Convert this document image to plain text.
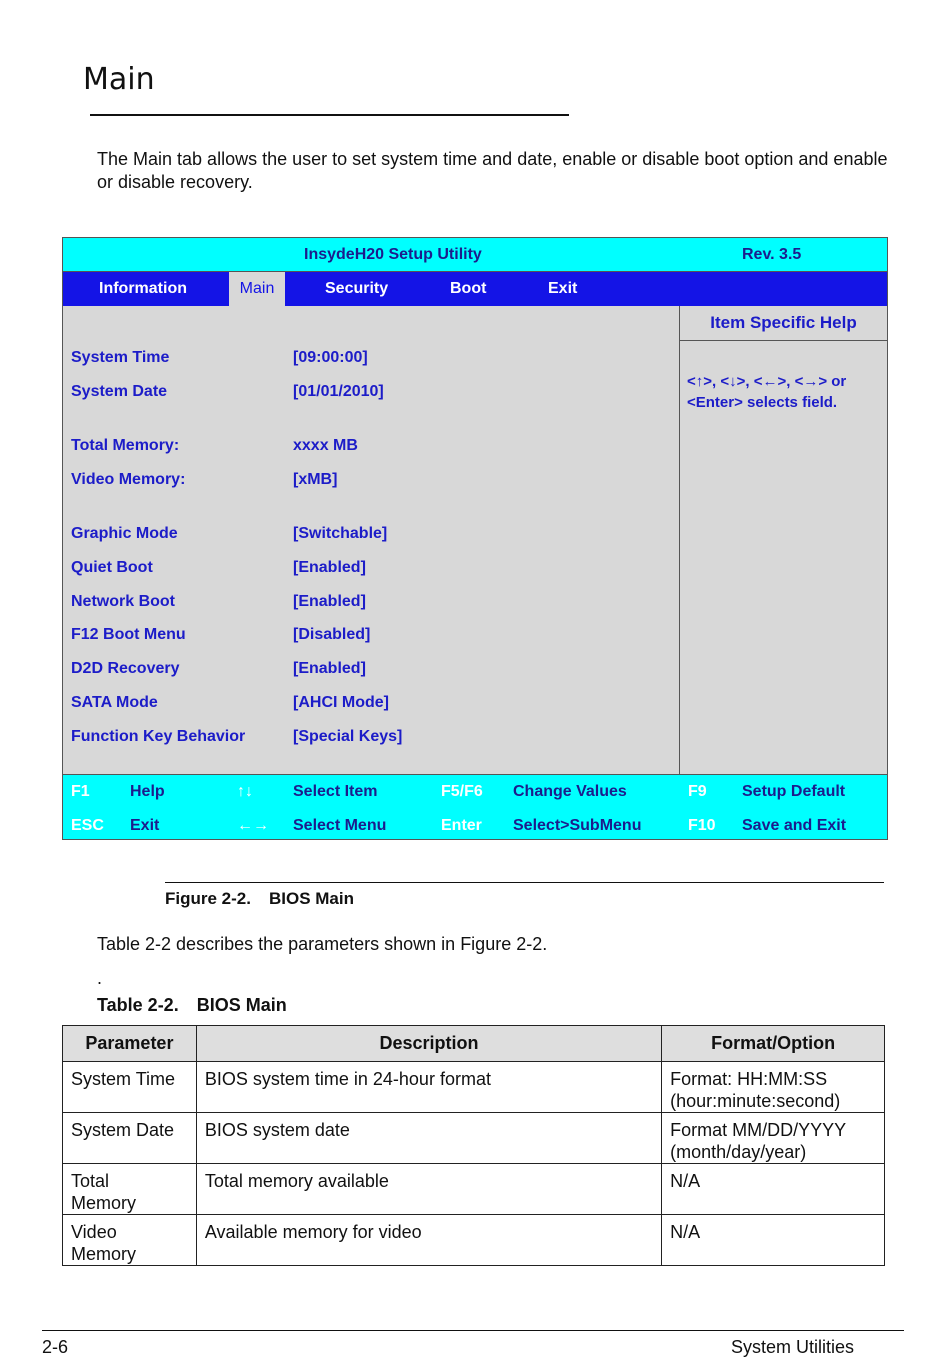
Main
The Main tab allows the user to set system time and date, enable or disable boot option and enable or disable recovery.
InsydeH20 Setup Utility	Rev. 3.5
Information	Main	Security	Boot	Exit
Item Specific Help
<↑>, <↓>, <←>, <→> or
<Enter> selects field.
System Time	[09:00:00]
System Date	[01/01/2010]
Total Memory:	xxxx MB
Video Memory:	[xMB]
Graphic Mode	[Switchable]
Quiet Boot	[Enabled]
Network Boot	[Enabled]
F12 Boot Menu	[Disabled]
D2D Recovery	[Enabled]
SATA Mode	[AHCI Mode]
Function Key Behavior	[Special Keys]
F1	Help	↑↓	Select Item	F5/F6 Change Values	F9 Setup Default
ESC Exit	←→ Select Menu	Enter Select>SubMenu	F10 Save and Exit
Figure 2-2. BIOS Main
Table 2-2 describes the parameters shown in Figure 2-2.
.
Table 2-2. BIOS Main
Parameter	Description	Format/Option
System Time	BIOS system time in 24-hour format	Format: HH:MM:SS
(hour:minute:second)

System Date	BIOS system date	Format MM/DD/YYYY
(month/day/year)

Total
Memory	Total memory available	N/A

Video
Memory	Available memory for video	N/A
2-6	System Utilities
